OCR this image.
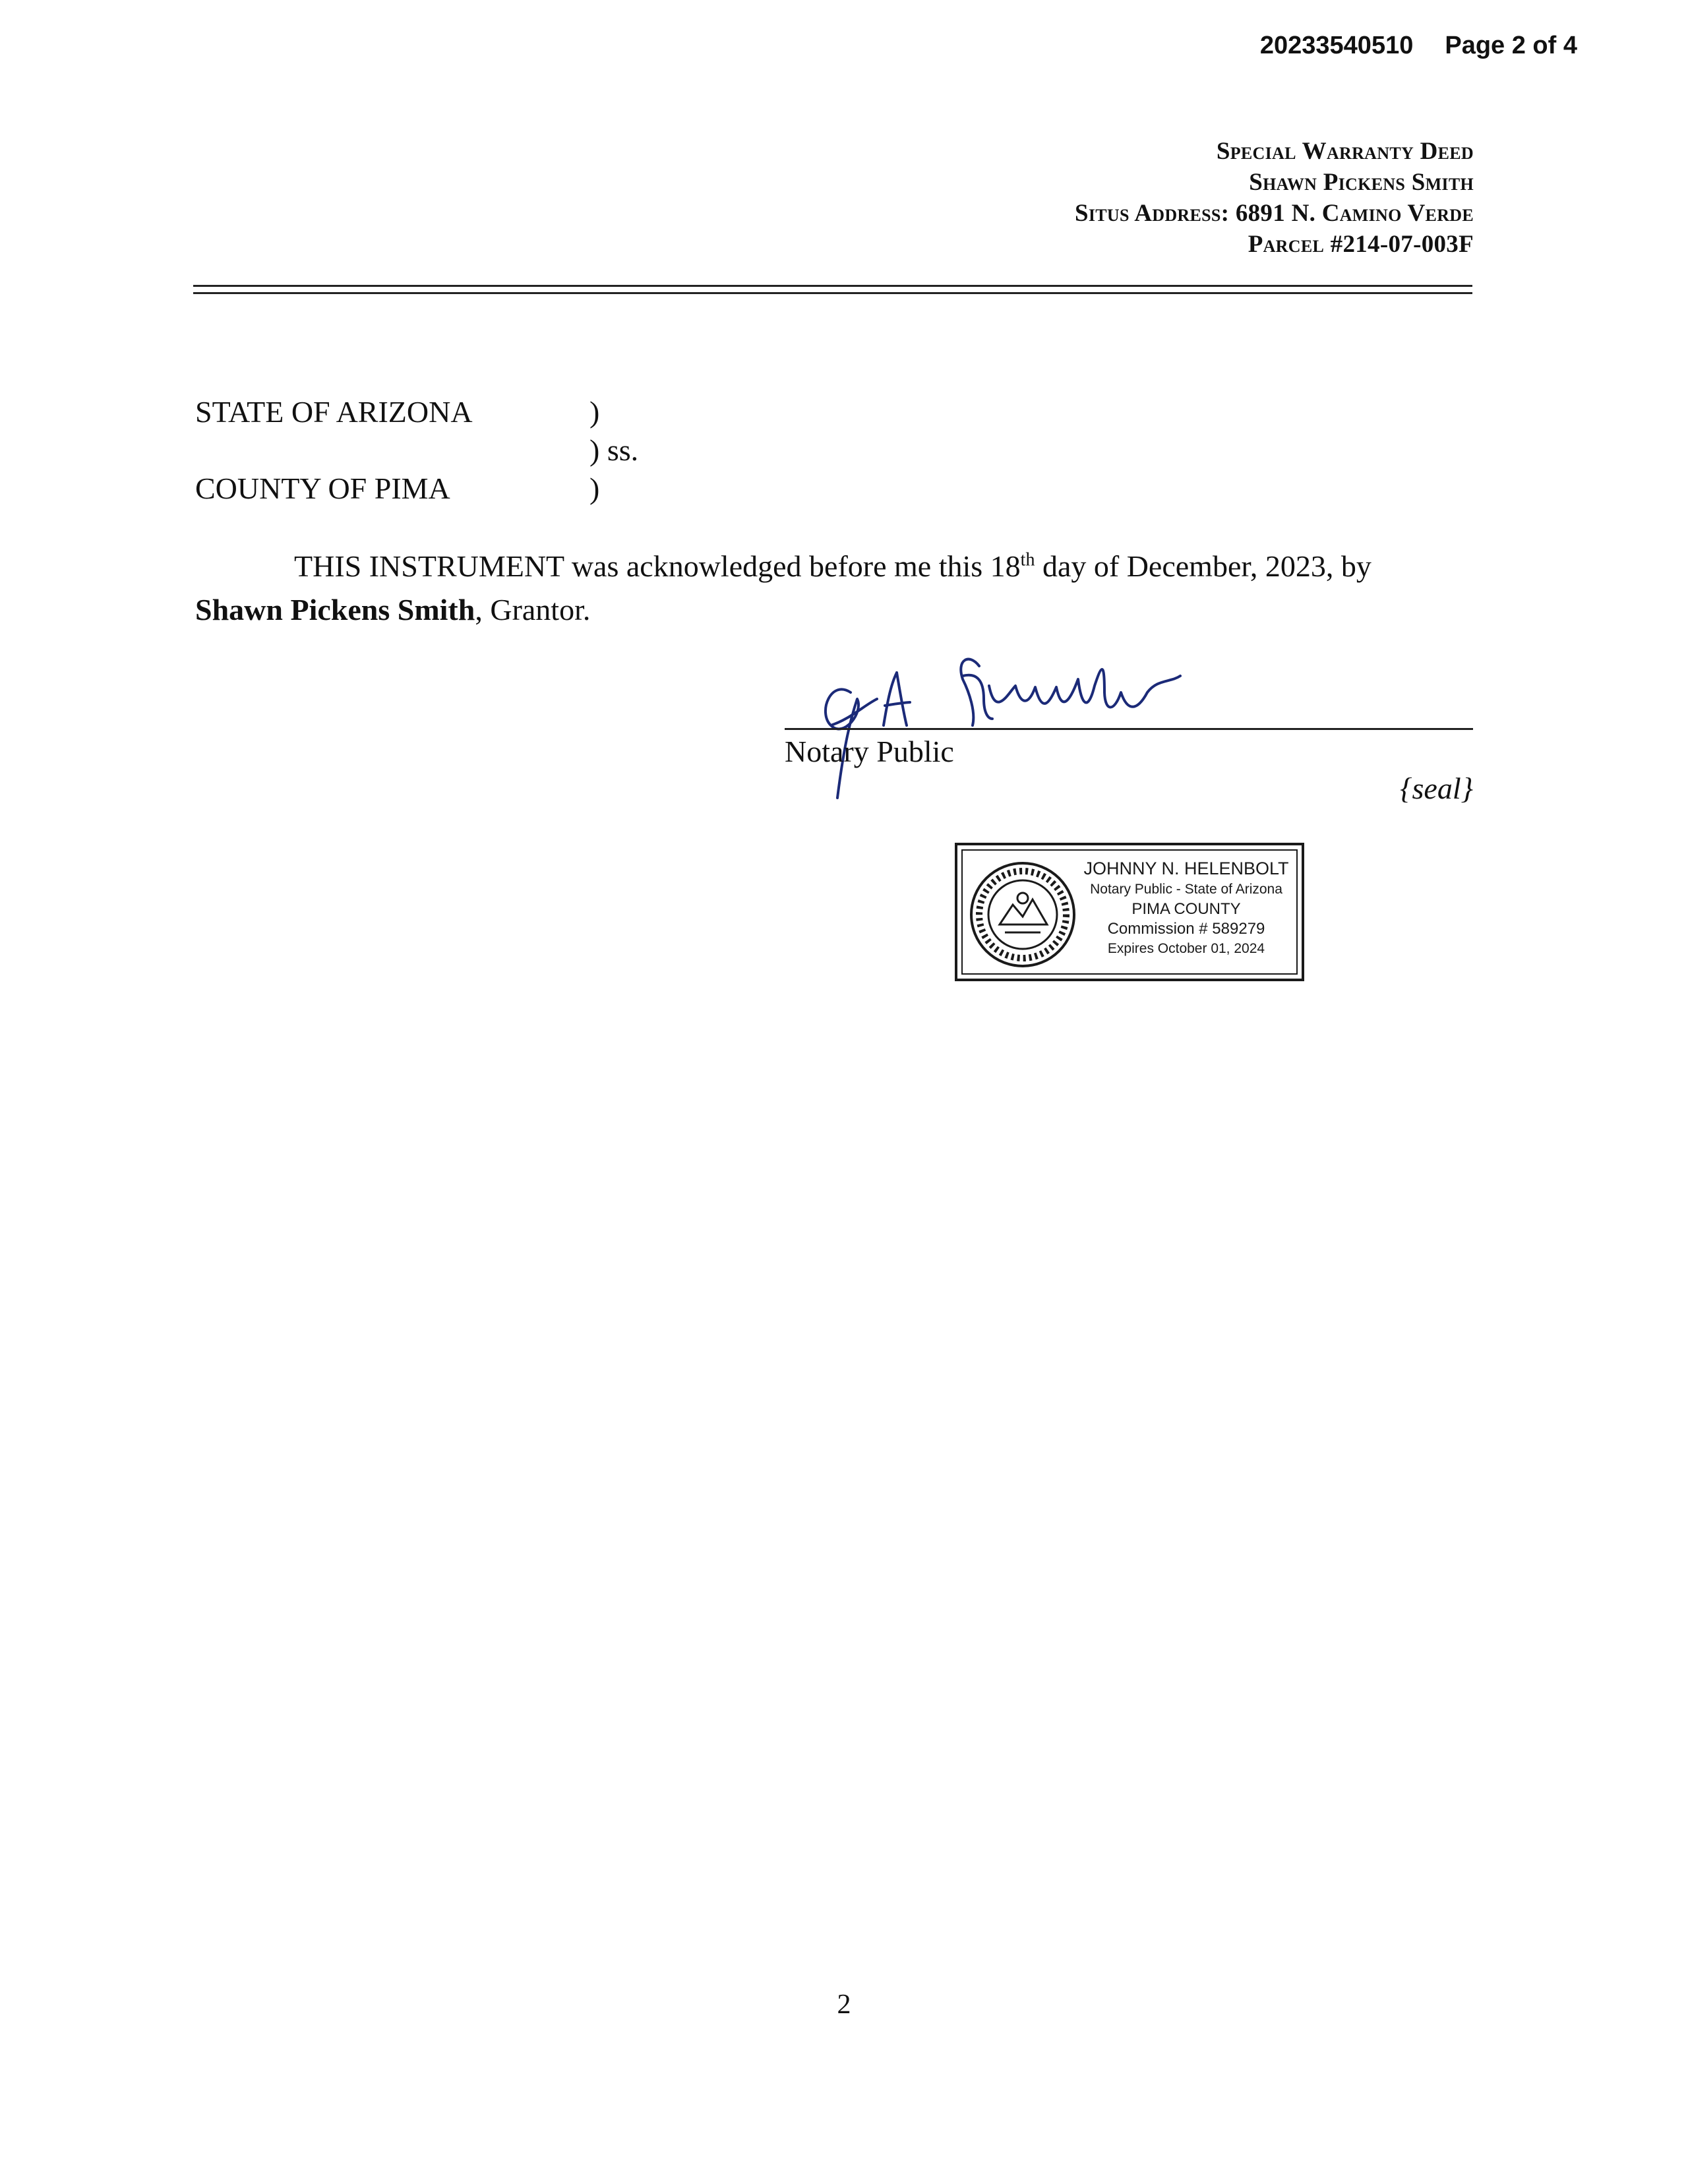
20233540510 Page 2 of 4
Special Warranty Deed
Shawn Pickens Smith
Situs Address: 6891 N. Camino Verde
Parcel #214-07-003F
STATE OF ARIZONA	)
) ss.
COUNTY OF PIMA	)
THIS INSTRUMENT was acknowledged before me this 18th day of December, 2023, by
Shawn Pickens Smith, Grantor.
Notary Public
{seal}
JOHNNY N. HELENBOLT
Notary Public - State of Arizona
PIMA COUNTY
Commission # 589279
Expires October 01, 2024
2
